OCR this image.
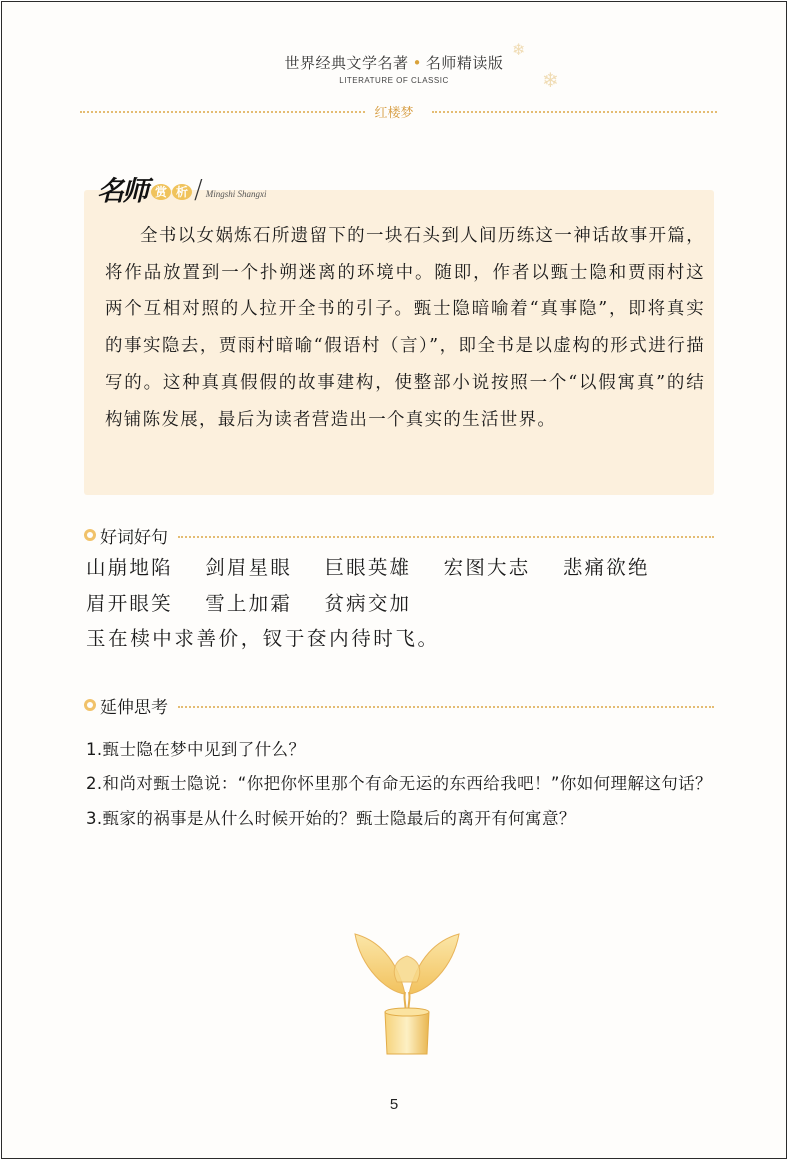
世界经典文学名著 • 名师精读版
LITERATURE OF CLASSIC
红楼梦
❄
❄
名师 赏 析 / Mingshi Shangxi

全书以女娲炼石所遗留下的一块石头到人间历练这一神话故事开篇，将作品放置到一个扑朔迷离的环境中。随即，作者以甄士隐和贾雨村这两个互相对照的人拉开全书的引子。甄士隐暗喻着“真事隐”，即将真实的事实隐去，贾雨村暗喻“假语村（言）”，即全书是以虚构的形式进行描写的。这种真真假假的故事建构，使整部小说按照一个“以假寓真”的结构铺陈发展，最后为读者营造出一个真实的生活世界。

好词好句
山崩地陷 剑眉星眼 巨眼英雄 宏图大志 悲痛欲绝
眉开眼笑 雪上加霜 贫病交加
玉在椟中求善价，钗于奁内待时飞。
延伸思考

1.甄士隐在梦中见到了什么？

2.和尚对甄士隐说：“你把你怀里那个有命无运的东西给我吧！”你如何理解这句话？

3.甄家的祸事是从什么时候开始的？甄士隐最后的离开有何寓意？

5
